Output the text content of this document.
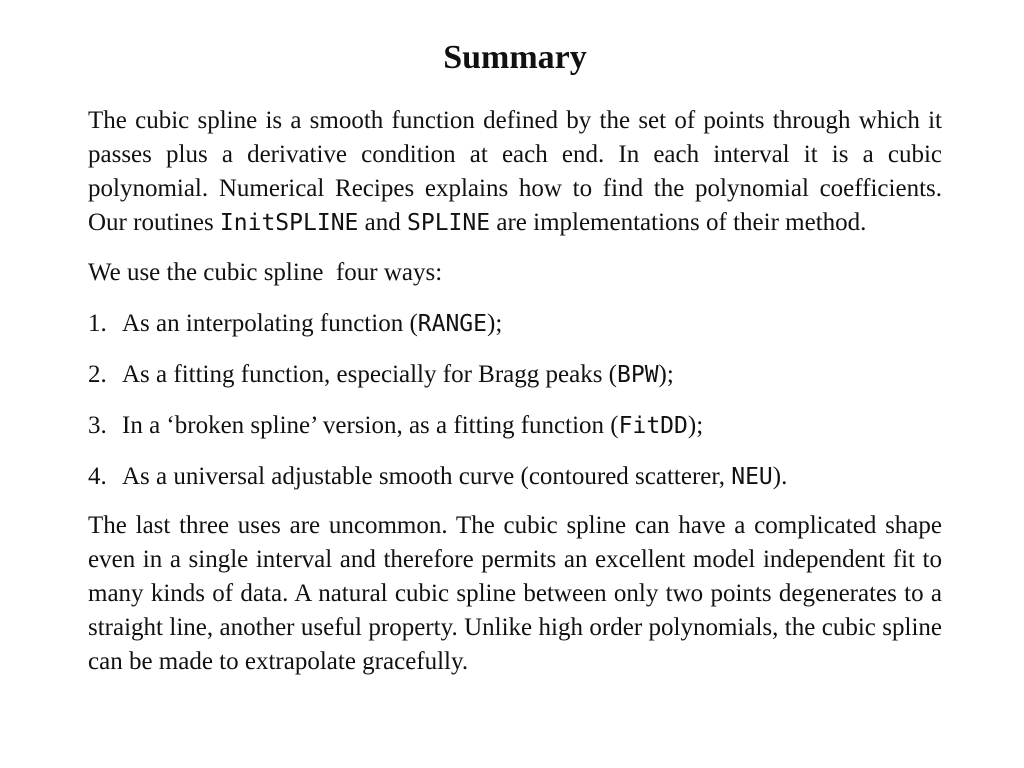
Summary

The cubic spline is a smooth function defined by the set of points through which it passes plus a derivative condition at each end. In each interval it is a cubic polynomial. Numerical Recipes explains how to find the polynomial coefficients. Our routines InitSPLINE and SPLINE are implementations of their method.

We use the cubic spline  four ways:

1. As an interpolating function (RANGE);
2. As a fitting function, especially for Bragg peaks (BPW);
3. In a ‘broken spline’ version, as a fitting function (FitDD);
4. As a universal adjustable smooth curve (contoured scatterer, NEU).

The last three uses are uncommon. The cubic spline can have a complicated shape even in a single interval and therefore permits an excellent model independent fit to many kinds of data. A natural cubic spline between only two points degenerates to a straight line, another useful property. Unlike high order polynomials, the cubic spline can be made to extrapolate gracefully.
